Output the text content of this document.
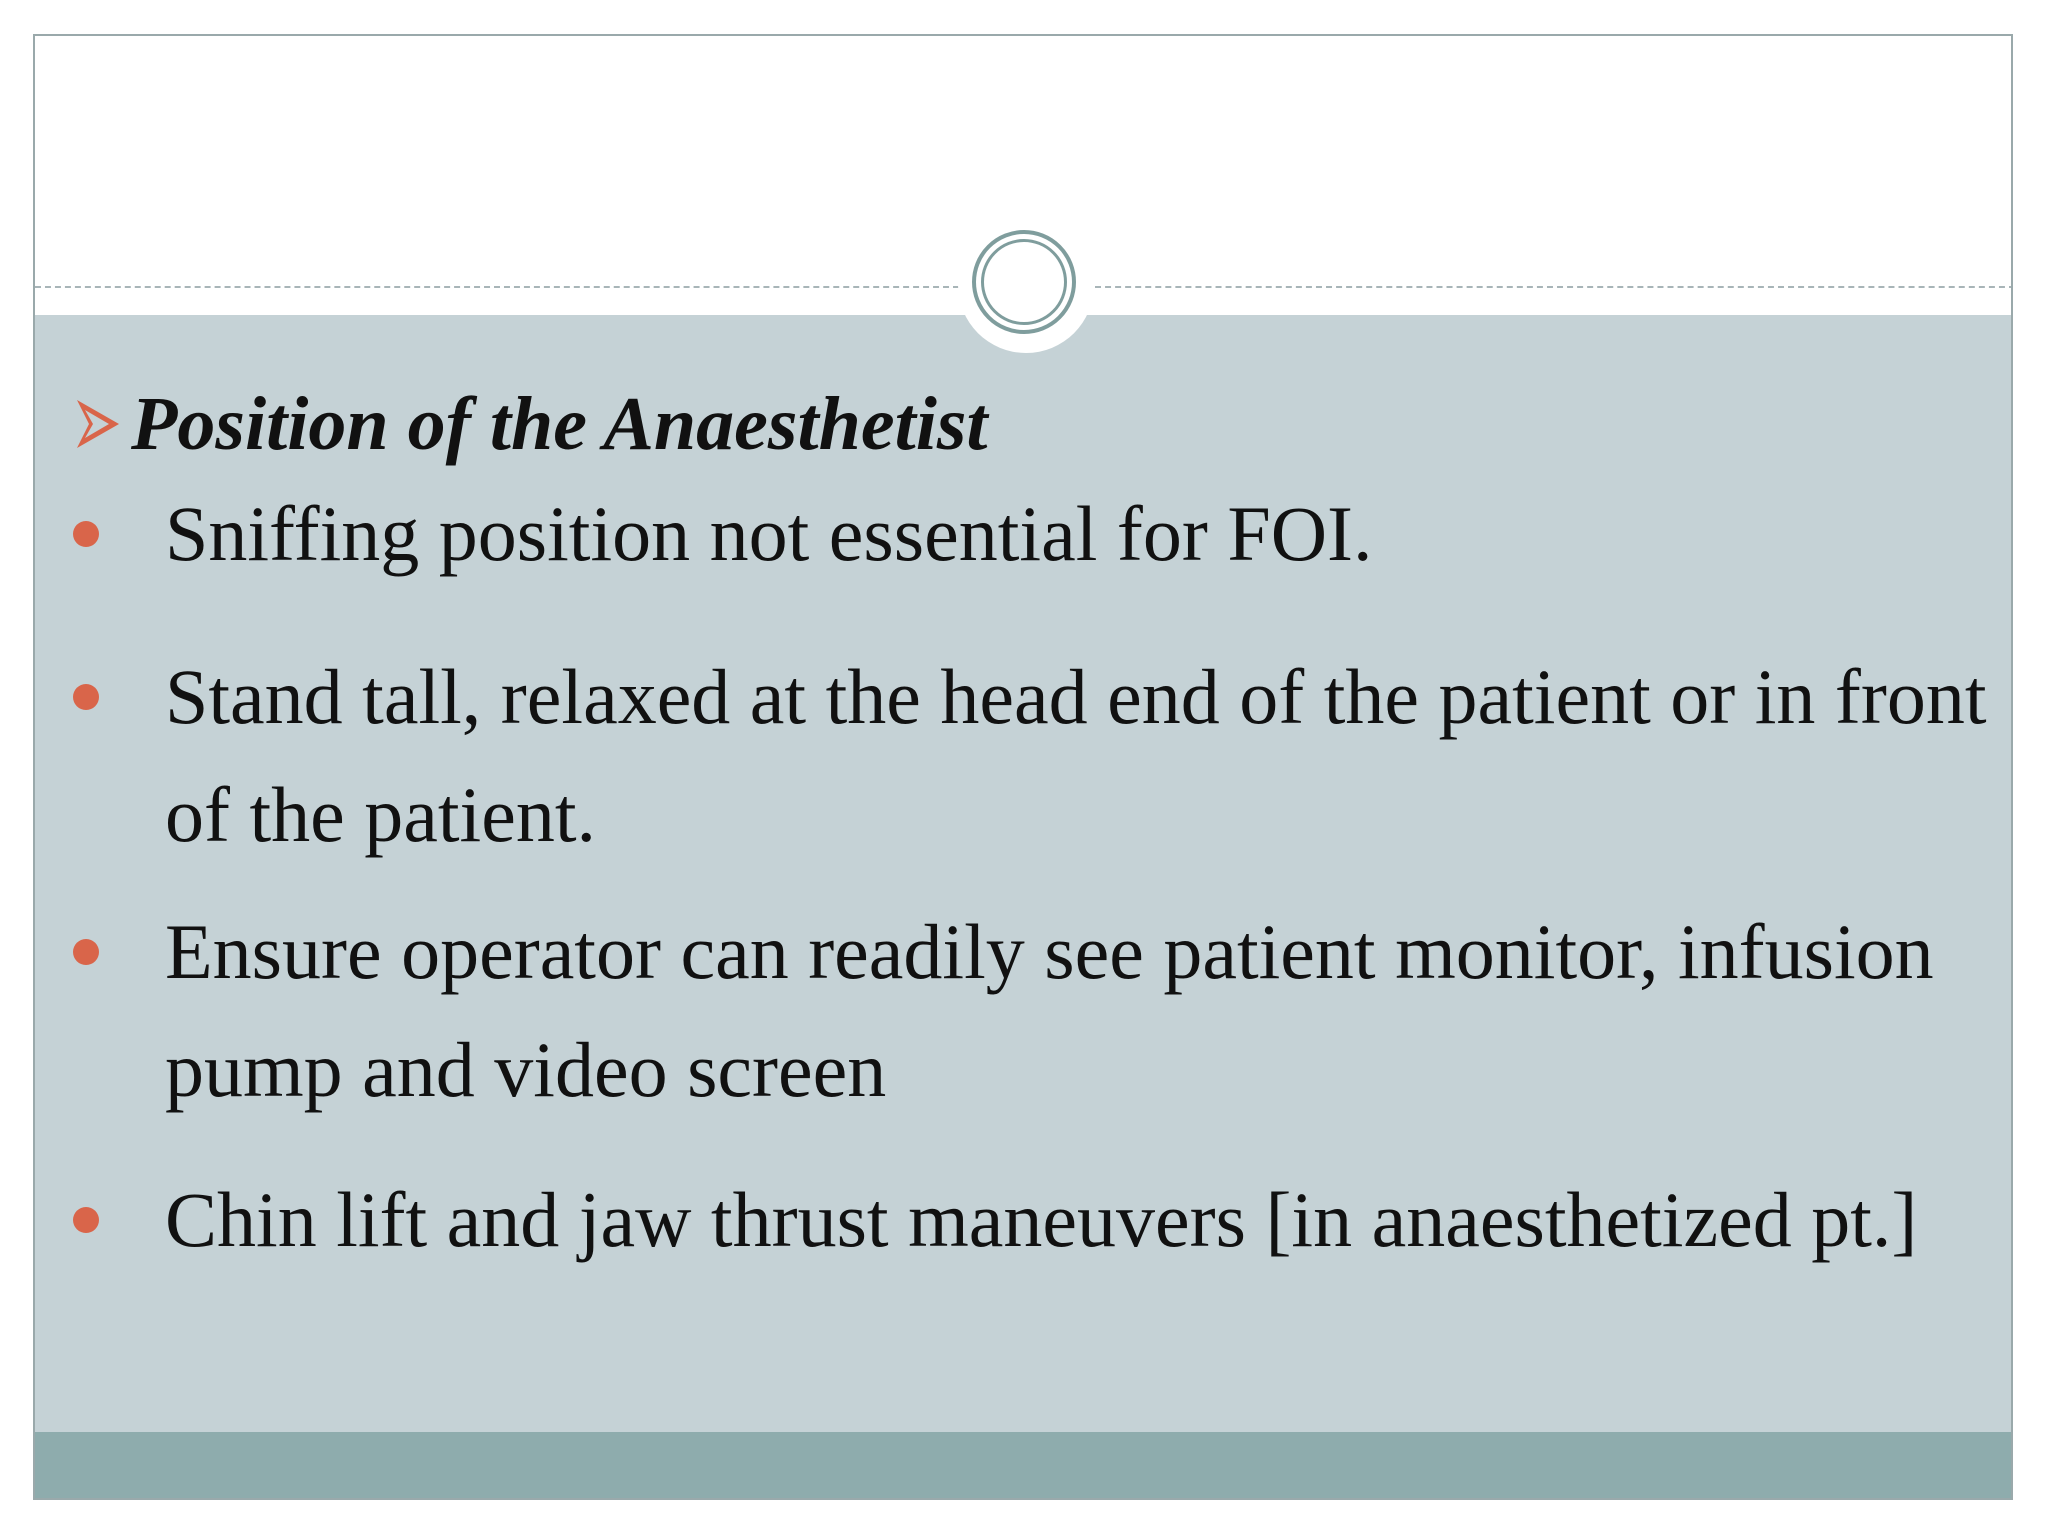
Position of the Anaesthetist
Sniffing position not essential for FOI.
Stand tall, relaxed at the head end of the patient or in front
of the patient.
Ensure operator can readily see patient monitor, infusion
pump and video screen
Chin lift and jaw thrust maneuvers [in anaesthetized pt.]
